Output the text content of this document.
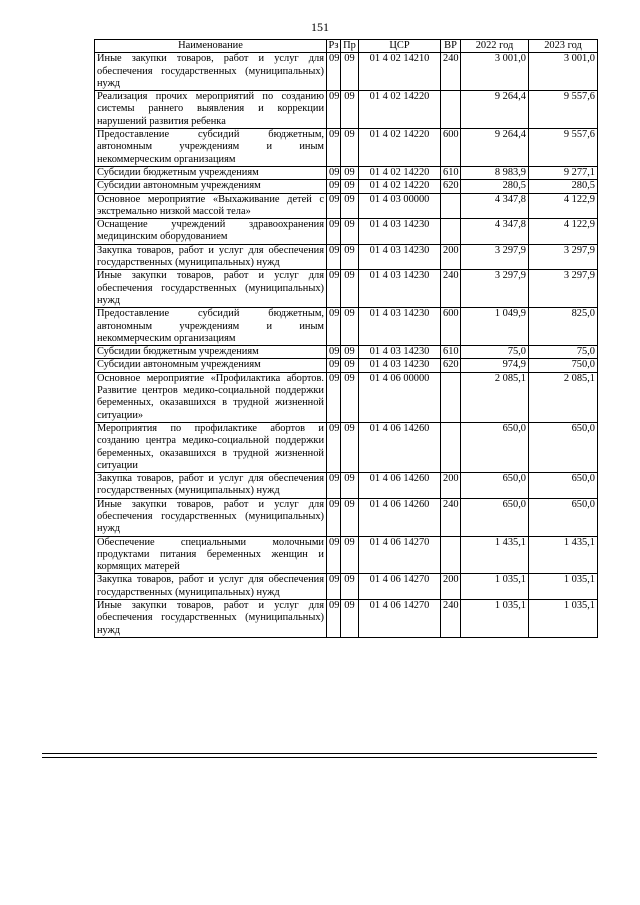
151
Наименование	Рз	Пр	ЦСР	ВР	2022 год	2023 год
Иные закупки товаров, работ и услуг для обеспечения государственных (муниципальных) нужд	09	09	01 4 02 14210	240	3 001,0	3 001,0
Реализация прочих мероприятий по созданию системы раннего выявления и коррекции нарушений развития ребенка	09	09	01 4 02 14220		9 264,4	9 557,6
Предоставление субсидий бюджетным, автономным учреждениям и иным некоммерческим организациям	09	09	01 4 02 14220	600	9 264,4	9 557,6
Субсидии бюджетным учреждениям	09	09	01 4 02 14220	610	8 983,9	9 277,1
Субсидии автономным учреждениям	09	09	01 4 02 14220	620	280,5	280,5
Основное мероприятие «Выхаживание детей с экстремально низкой массой тела»	09	09	01 4 03 00000		4 347,8	4 122,9
Оснащение учреждений здравоохранения медицинским оборудованием	09	09	01 4 03 14230		4 347,8	4 122,9
Закупка товаров, работ и услуг для обеспечения государственных (муниципальных) нужд	09	09	01 4 03 14230	200	3 297,9	3 297,9
Иные закупки товаров, работ и услуг для обеспечения государственных (муниципальных) нужд	09	09	01 4 03 14230	240	3 297,9	3 297,9
Предоставление субсидий бюджетным, автономным учреждениям и иным некоммерческим организациям	09	09	01 4 03 14230	600	1 049,9	825,0
Субсидии бюджетным учреждениям	09	09	01 4 03 14230	610	75,0	75,0
Субсидии автономным учреждениям	09	09	01 4 03 14230	620	974,9	750,0
Основное мероприятие «Профилактика абортов. Развитие центров медико-социальной поддержки беременных, оказавшихся в трудной жизненной ситуации»	09	09	01 4 06 00000		2 085,1	2 085,1
Мероприятия по профилактике абортов и созданию центра медико-социальной поддержки беременных, оказавшихся в трудной жизненной ситуации	09	09	01 4 06 14260		650,0	650,0
Закупка товаров, работ и услуг для обеспечения государственных (муниципальных) нужд	09	09	01 4 06 14260	200	650,0	650,0
Иные закупки товаров, работ и услуг для обеспечения государственных (муниципальных) нужд	09	09	01 4 06 14260	240	650,0	650,0
Обеспечение специальными молочными продуктами питания беременных женщин и кормящих матерей	09	09	01 4 06 14270		1 435,1	1 435,1
Закупка товаров, работ и услуг для обеспечения государственных (муниципальных) нужд	09	09	01 4 06 14270	200	1 035,1	1 035,1
Иные закупки товаров, работ и услуг для обеспечения государственных (муниципальных) нужд	09	09	01 4 06 14270	240	1 035,1	1 035,1
